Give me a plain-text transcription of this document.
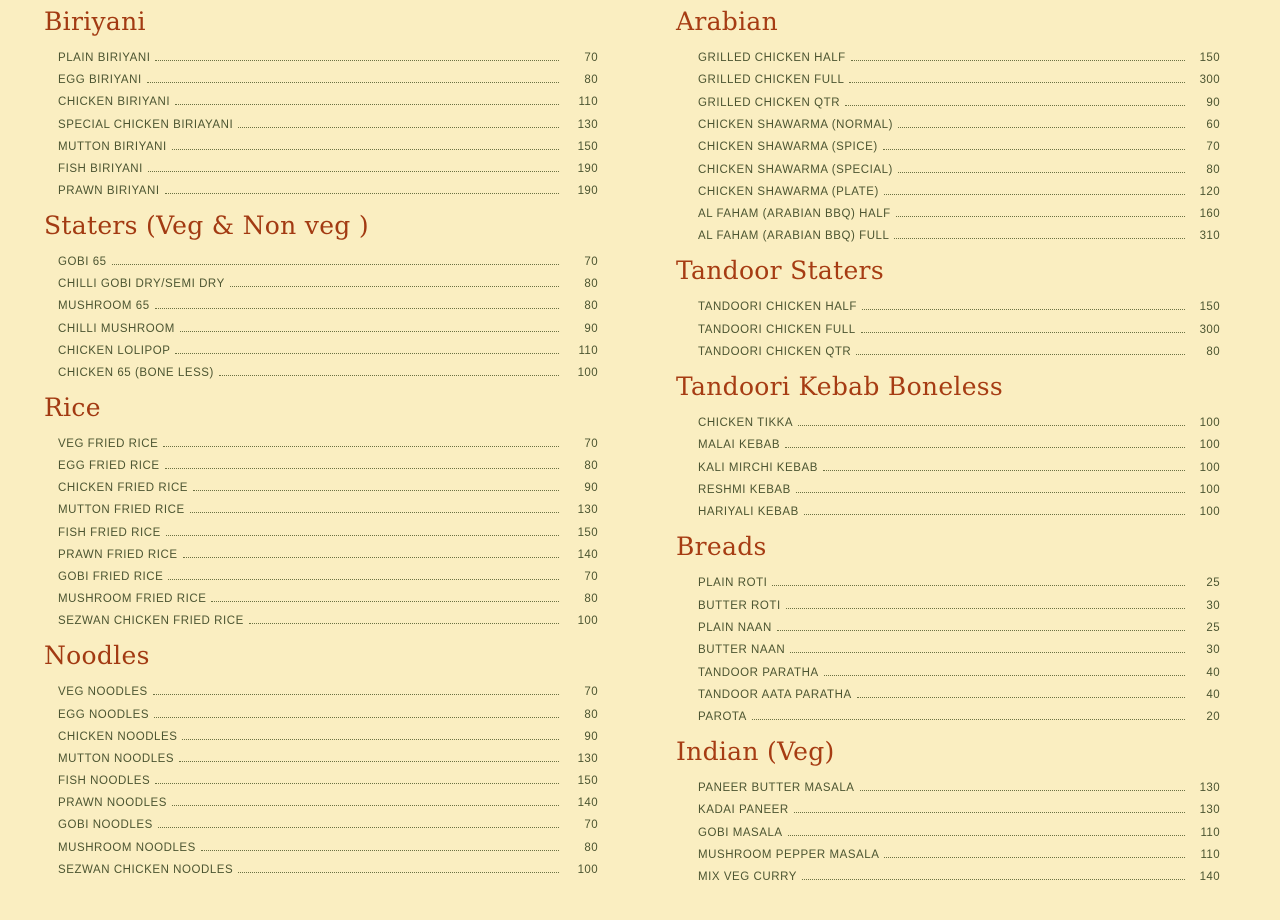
Biriyani
PLAIN BIRIYANI	70
EGG BIRIYANI	80
CHICKEN BIRIYANI	110
SPECIAL CHICKEN BIRIAYANI	130
MUTTON BIRIYANI	150
FISH BIRIYANI	190
PRAWN BIRIYANI	190
Staters (Veg & Non veg )
GOBI 65	70
CHILLI GOBI DRY/SEMI DRY	80
MUSHROOM 65	80
CHILLI MUSHROOM	90
CHICKEN LOLIPOP	110
CHICKEN 65 (BONE LESS)	100
Rice
VEG FRIED RICE	70
EGG FRIED RICE	80
CHICKEN FRIED RICE	90
MUTTON FRIED RICE	130
FISH FRIED RICE	150
PRAWN FRIED RICE	140
GOBI FRIED RICE	70
MUSHROOM FRIED RICE	80
SEZWAN CHICKEN FRIED RICE	100
Noodles
VEG NOODLES	70
EGG NOODLES	80
CHICKEN NOODLES	90
MUTTON NOODLES	130
FISH NOODLES	150
PRAWN NOODLES	140
GOBI NOODLES	70
MUSHROOM NOODLES	80
SEZWAN CHICKEN NOODLES	100
Arabian
GRILLED CHICKEN HALF	150
GRILLED CHICKEN FULL	300
GRILLED CHICKEN QTR	90
CHICKEN SHAWARMA (NORMAL)	60
CHICKEN SHAWARMA (SPICE)	70
CHICKEN SHAWARMA (SPECIAL)	80
CHICKEN SHAWARMA (PLATE)	120
AL FAHAM (ARABIAN BBQ) HALF	160
AL FAHAM (ARABIAN BBQ) FULL	310
Tandoor Staters
TANDOORI CHICKEN HALF	150
TANDOORI CHICKEN FULL	300
TANDOORI CHICKEN QTR	80
Tandoori Kebab Boneless
CHICKEN TIKKA	100
MALAI KEBAB	100
KALI MIRCHI KEBAB	100
RESHMI KEBAB	100
HARIYALI KEBAB	100
Breads
PLAIN ROTI	25
BUTTER ROTI	30
PLAIN NAAN	25
BUTTER NAAN	30
TANDOOR PARATHA	40
TANDOOR AATA PARATHA	40
PAROTA	20
Indian (Veg)
PANEER BUTTER MASALA	130
KADAI PANEER	130
GOBI MASALA	110
MUSHROOM PEPPER MASALA	110
MIX VEG CURRY	140
